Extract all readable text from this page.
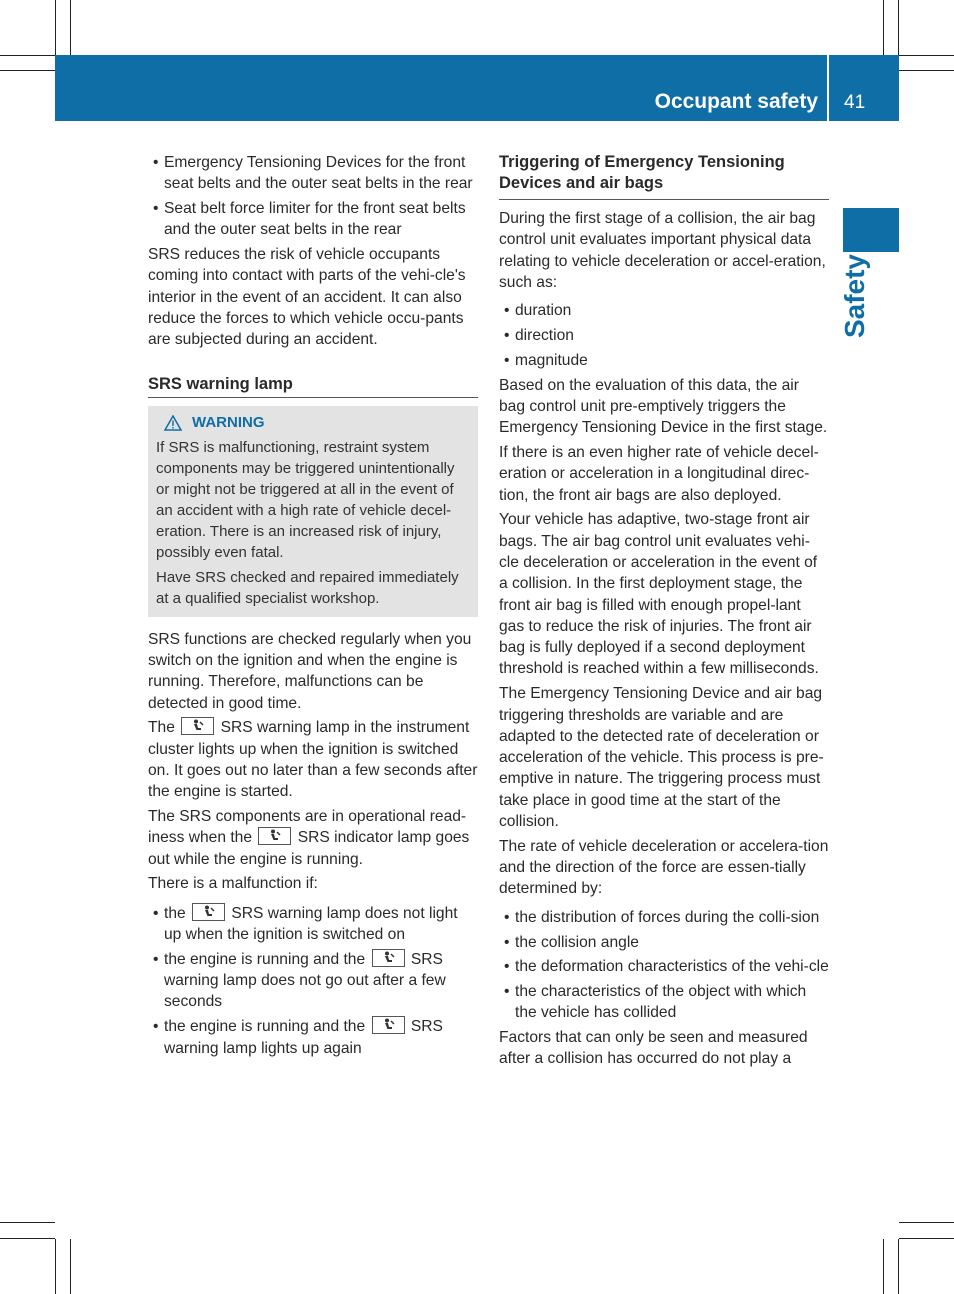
Occupant safety 41
Safety
• Emergency Tensioning Devices for the front seat belts and the outer seat belts in the rear
• Seat belt force limiter for the front seat belts and the outer seat belts in the rear

SRS reduces the risk of vehicle occupants coming into contact with parts of the vehi-cle's interior in the event of an accident. It can also reduce the forces to which vehicle occu-pants are subjected during an accident.

SRS warning lamp
WARNING

If SRS is malfunctioning, restraint system components may be triggered unintentionally or might not be triggered at all in the event of an accident with a high rate of vehicle decel-eration. There is an increased risk of injury, possibly even fatal.

Have SRS checked and repaired immediately at a qualified specialist workshop.

SRS functions are checked regularly when you switch on the ignition and when the engine is running. Therefore, malfunctions can be detected in good time.

The	SRS warning lamp in the instrument cluster lights up when the ignition is switched on. It goes out no later than a few seconds after the engine is started.

The SRS components are in operational read-iness when the	SRS indicator lamp goes out while the engine is running.

There is a malfunction if:

• the	SRS warning lamp does not light up when the ignition is switched on
• the engine is running and the	SRS warning lamp does not go out after a few seconds
• the engine is running and the	SRS warning lamp lights up again
Triggering of Emergency Tensioning Devices and air bags

During the first stage of a collision, the air bag control unit evaluates important physical data relating to vehicle deceleration or accel-eration, such as:

• duration
• direction
• magnitude

Based on the evaluation of this data, the air bag control unit pre-emptively triggers the Emergency Tensioning Device in the first stage.

If there is an even higher rate of vehicle decel-eration or acceleration in a longitudinal direc-tion, the front air bags are also deployed.

Your vehicle has adaptive, two-stage front air bags. The air bag control unit evaluates vehi-cle deceleration or acceleration in the event of a collision. In the first deployment stage, the front air bag is filled with enough propel-lant gas to reduce the risk of injuries. The front air bag is fully deployed if a second deployment threshold is reached within a few milliseconds.

The Emergency Tensioning Device and air bag triggering thresholds are variable and are adapted to the detected rate of deceleration or acceleration of the vehicle. This process is pre-emptive in nature. The triggering process must take place in good time at the start of the collision.

The rate of vehicle deceleration or accelera-tion and the direction of the force are essen-tially determined by:

• the distribution of forces during the colli-sion
• the collision angle
• the deformation characteristics of the vehi-cle
• the characteristics of the object with which the vehicle has collided

Factors that can only be seen and measured after a collision has occurred do not play a
